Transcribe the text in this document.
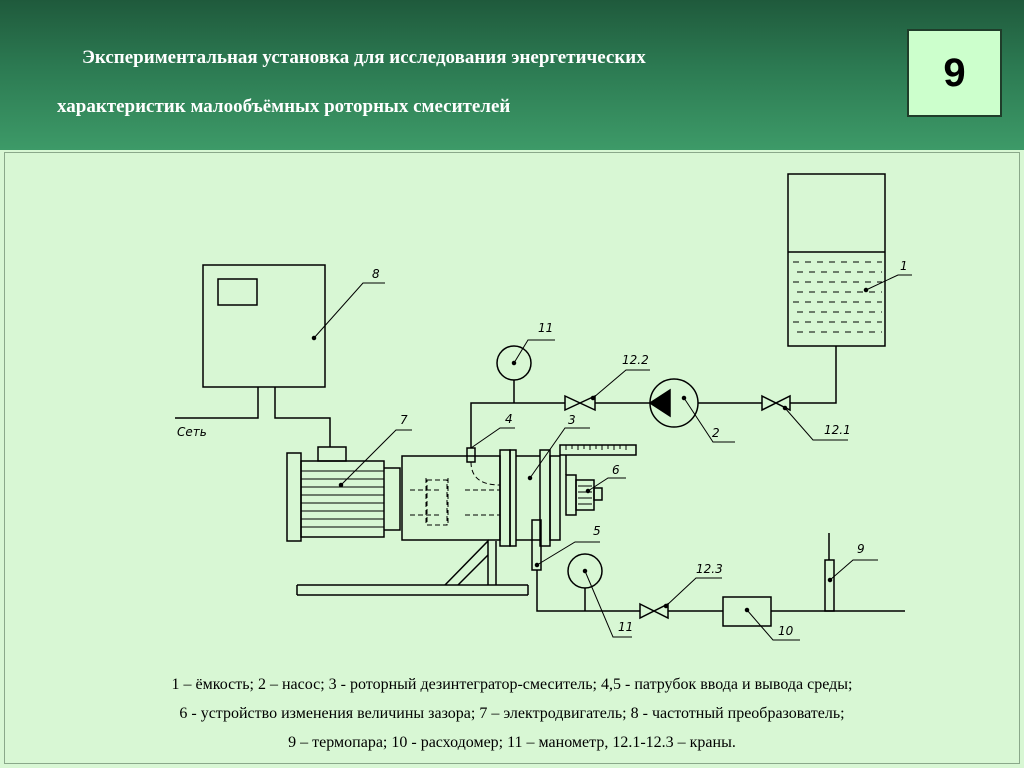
Экспериментальная установка для исследования энергетических
характеристик малообъёмных роторных смесителей
9
8
Сеть
7	3
6
4
5
11
12.2
2	12.1
1
11
12.3
10
9
1 – ёмкость; 2 – насос; 3 - роторный дезинтегратор-смеситель; 4,5 - патрубок ввода и вывода среды;
6 - устройство изменения величины зазора; 7 – электродвигатель; 8 - частотный преобразователь;
9 – термопара; 10 - расходомер; 11 – манометр, 12.1-12.3 – краны.
